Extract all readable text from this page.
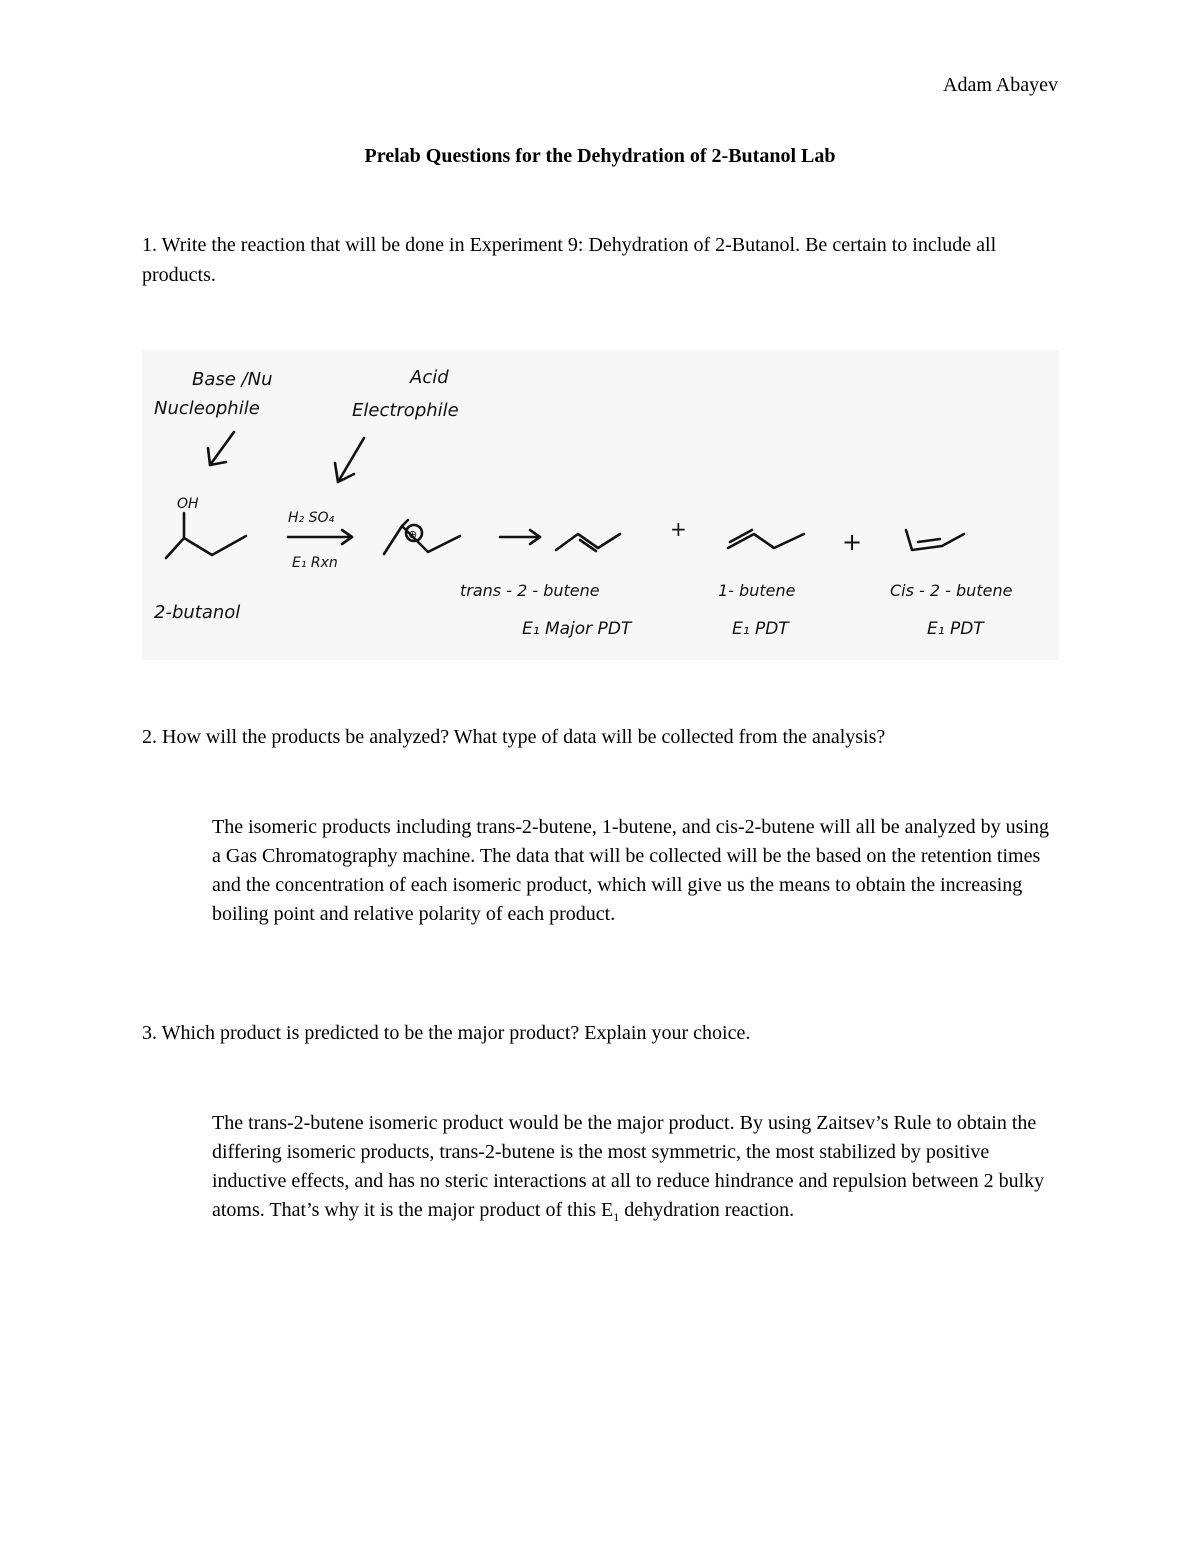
Adam Abayev
Prelab Questions for the Dehydration of 2-Butanol Lab
1. Write the reaction that will be done in Experiment 9: Dehydration of 2-Butanol. Be certain to include all products.
Base /Nu
Nucleophile
Acid
Electrophile
OH
2-butanol
H₂ SO₄
E₁ Rxn
⊕	+	+
trans - 2 - butene
E₁ Major PDT
1- butene
E₁ PDT
Cis - 2 - butene
E₁ PDT
2. How will the products be analyzed? What type of data will be collected from the analysis?
The isomeric products including trans-2-butene, 1-butene, and cis-2-butene will all be analyzed by using a Gas Chromatography machine. The data that will be collected will be the based on the retention times and the concentration of each isomeric product, which will give us the means to obtain the increasing boiling point and relative polarity of each product.
3. Which product is predicted to be the major product? Explain your choice.
The trans-2-butene isomeric product would be the major product. By using Zaitsev’s Rule to obtain the differing isomeric products, trans-2-butene is the most symmetric, the most stabilized by positive inductive effects, and has no steric interactions at all to reduce hindrance and repulsion between 2 bulky atoms. That’s why it is the major product of this $E_1$ dehydration reaction.
